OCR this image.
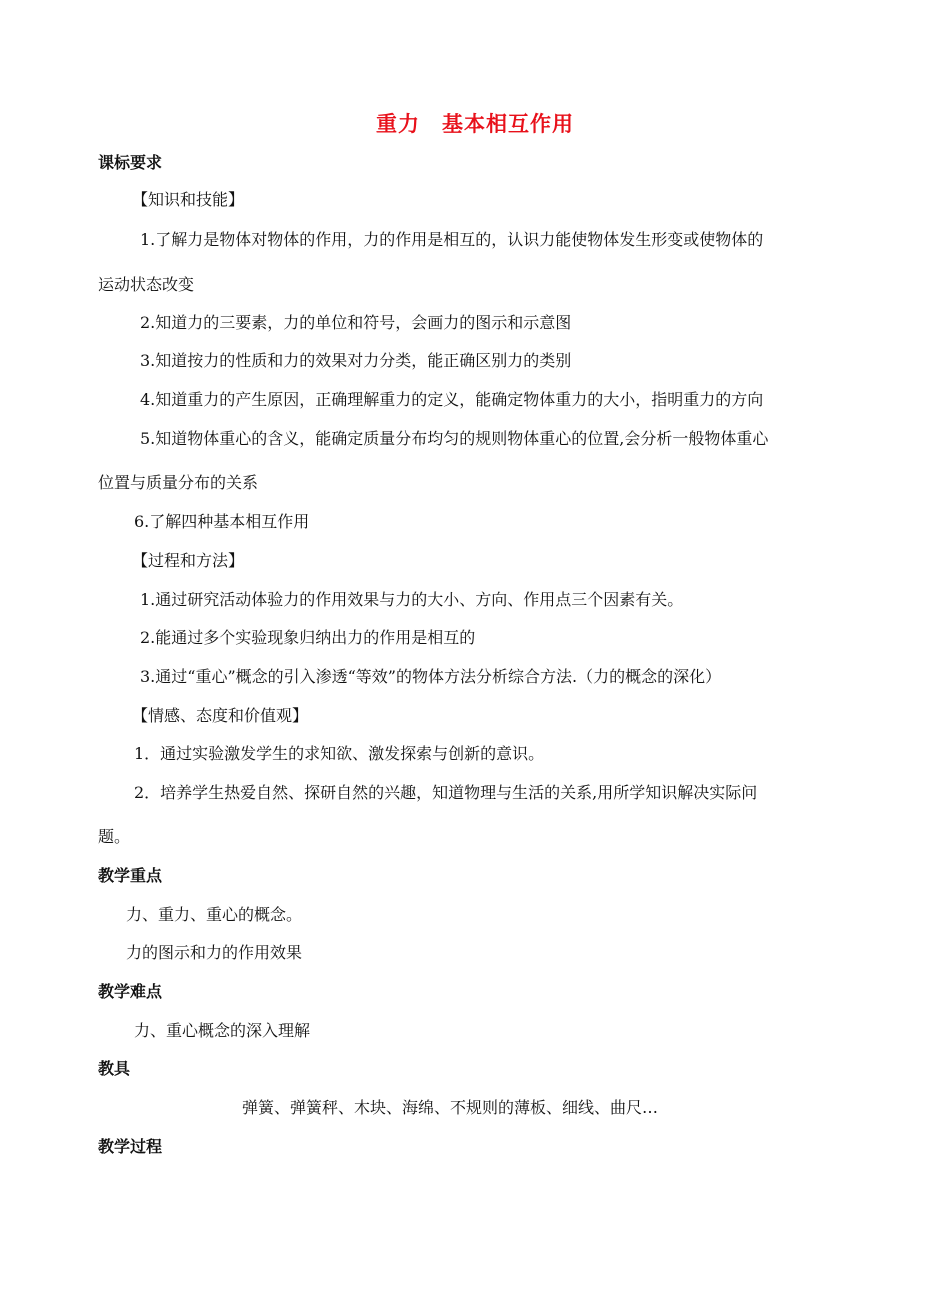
重力　基本相互作用
课标要求
【知识和技能】
1.了解力是物体对物体的作用，力的作用是相互的，认识力能使物体发生形变或使物体的
运动状态改变
2.知道力的三要素，力的单位和符号，会画力的图示和示意图
3.知道按力的性质和力的效果对力分类，能正确区别力的类别
4.知道重力的产生原因，正确理解重力的定义，能确定物体重力的大小，指明重力的方向
5.知道物体重心的含义，能确定质量分布均匀的规则物体重心的位置,会分析一般物体重心
位置与质量分布的关系
6.了解四种基本相互作用
【过程和方法】
1.通过研究活动体验力的作用效果与力的大小、方向、作用点三个因素有关。
2.能通过多个实验现象归纳出力的作用是相互的
3.通过“重心”概念的引入渗透“等效”的物体方法分析综合方法.（力的概念的深化）
【情感、态度和价值观】
1．通过实验激发学生的求知欲、激发探索与创新的意识。
2．培养学生热爱自然、探研自然的兴趣，知道物理与生活的关系,用所学知识解决实际问
题。
教学重点
力、重力、重心的概念。
力的图示和力的作用效果
教学难点
力、重心概念的深入理解
教具
弹簧、弹簧秤、木块、海绵、不规则的薄板、细线、曲尺…
教学过程
